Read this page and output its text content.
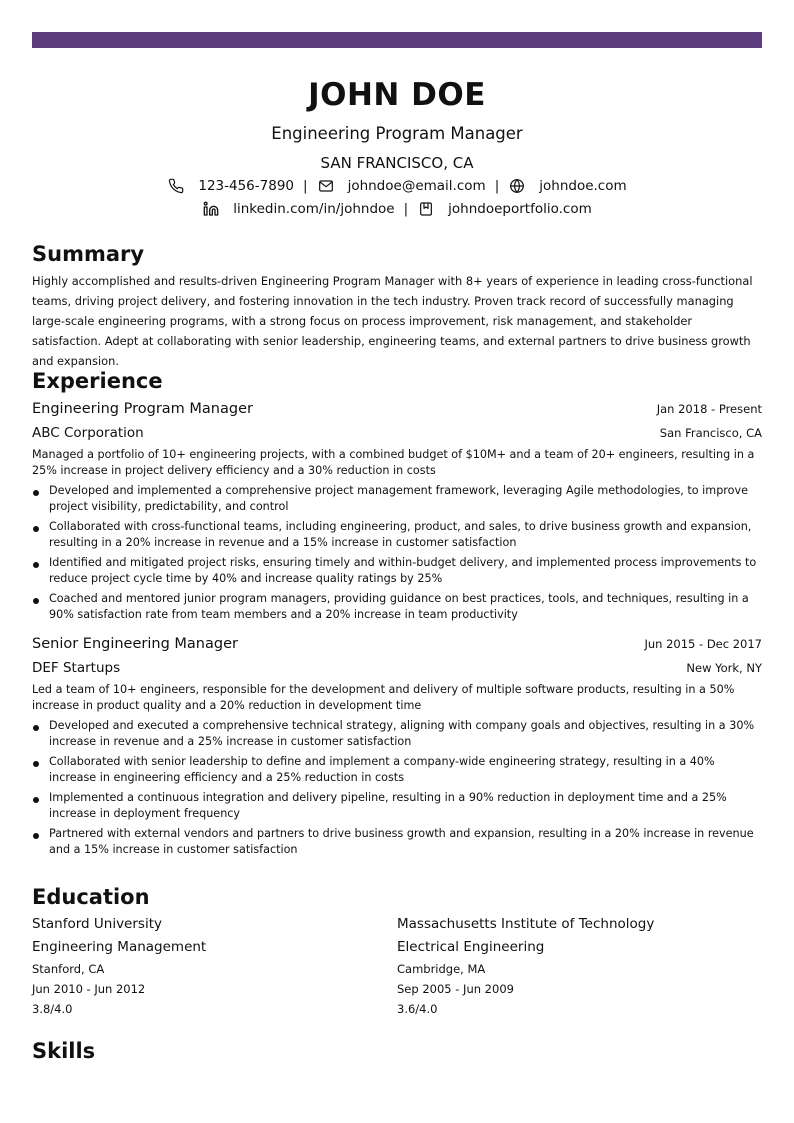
JOHN DOE
Engineering Program Manager
SAN FRANCISCO, CA
123-456-7890 |	johndoe@email.com |	johndoe.com
linkedin.com/in/johndoe |	johndoeportfolio.com
Summary

Highly accomplished and results-driven Engineering Program Manager with 8+ years of experience in leading cross-functional teams, driving project delivery, and fostering innovation in the tech industry. Proven track record of successfully managing large-scale engineering programs, with a strong focus on process improvement, risk management, and stakeholder satisfaction. Adept at collaborating with senior leadership, engineering teams, and external partners to drive business growth and expansion.

Experience
Engineering Program Manager	Jan 2018 - Present
ABC Corporation	San Francisco, CA
Managed a portfolio of 10+ engineering projects, with a combined budget of $10M+ and a team of 20+ engineers, resulting in a 25% increase in project delivery efficiency and a 30% reduction in costs
Developed and implemented a comprehensive project management framework, leveraging Agile methodologies, to improve project visibility, predictability, and control
Collaborated with cross-functional teams, including engineering, product, and sales, to drive business growth and expansion, resulting in a 20% increase in revenue and a 15% increase in customer satisfaction
Identified and mitigated project risks, ensuring timely and within-budget delivery, and implemented process improvements to reduce project cycle time by 40% and increase quality ratings by 25%
Coached and mentored junior program managers, providing guidance on best practices, tools, and techniques, resulting in a 90% satisfaction rate from team members and a 20% increase in team productivity
Senior Engineering Manager	Jun 2015 - Dec 2017
DEF Startups	New York, NY
Led a team of 10+ engineers, responsible for the development and delivery of multiple software products, resulting in a 50% increase in product quality and a 20% reduction in development time
Developed and executed a comprehensive technical strategy, aligning with company goals and objectives, resulting in a 30% increase in revenue and a 25% increase in customer satisfaction
Collaborated with senior leadership to define and implement a company-wide engineering strategy, resulting in a 40% increase in engineering efficiency and a 25% reduction in costs
Implemented a continuous integration and delivery pipeline, resulting in a 90% reduction in deployment time and a 25% increase in deployment frequency
Partnered with external vendors and partners to drive business growth and expansion, resulting in a 20% increase in revenue and a 15% increase in customer satisfaction
Education
Stanford University
Engineering Management
Stanford, CA
Jun 2010 - Jun 2012
3.8/4.0
Massachusetts Institute of Technology
Electrical Engineering
Cambridge, MA
Sep 2005 - Jun 2009
3.6/4.0
Skills
